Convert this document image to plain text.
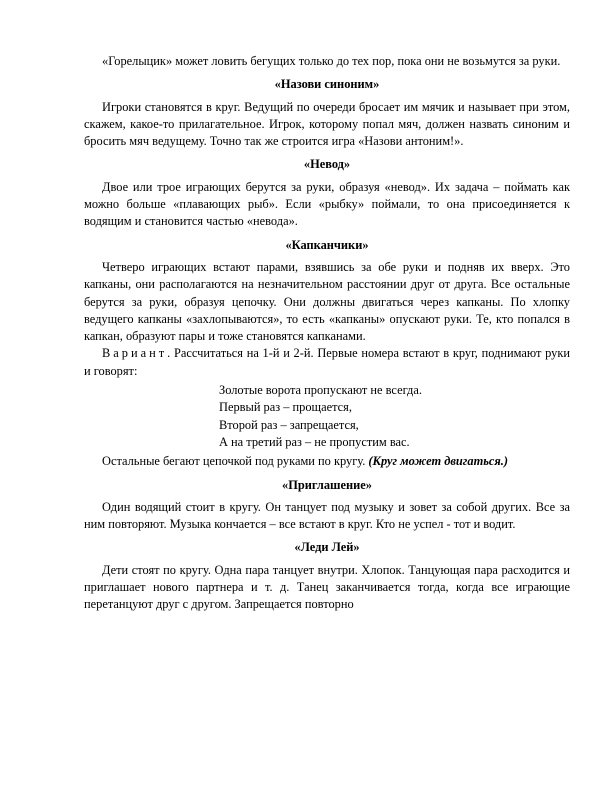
«Горелыцик» может ловить бегущих только до тех пор, пока они не возьмутся за руки.

«Назови синоним»

Игроки становятся в круг. Ведущий по очереди бросает им мячик и называет при этом, скажем, какое-то прилагательное. Игрок, которому попал мяч, должен назвать синоним и бросить мяч ведущему. Точно так же строится игра «Назови антоним!».

«Невод»

Двое или трое играющих берутся за руки, образуя «невод». Их задача – поймать как можно больше «плавающих рыб». Если «рыбку» поймали, то она присоединяется к водящим и становится частью «невода».

«Капканчики»

Четверо играющих встают парами, взявшись за обе руки и подняв их вверх. Это капканы, они располагаются на незначительном расстоянии друг от друга. Все остальные берутся за руки, образуя цепочку. Они должны двигаться через капканы. По хлопку ведущего капканы «захлопываются», то есть «капканы» опускают руки. Те, кто попался в капкан, образуют пары и тоже становятся капканами.

Вариант. Рассчитаться на 1-й и 2-й. Первые номера встают в круг, поднимают руки и говорят:

Золотые ворота пропускают не всегда.

Первый раз – прощается,

Второй раз – запрещается,

А на третий раз – не пропустим вас.

Остальные бегают цепочкой под руками по кругу. (Круг может двигаться.)

«Приглашение»

Один водящий стоит в кругу. Он танцует под музыку и зовет за собой других. Все за ним повторяют. Музыка кончается – все встают в круг. Кто не успел - тот и водит.

«Леди Лей»

Дети стоят по кругу. Одна пара танцует внутри. Хлопок. Танцующая пара расходится и приглашает нового партнера и т. д. Танец заканчивается тогда, когда все играющие перетанцуют друг с другом. Запрещается повторно
